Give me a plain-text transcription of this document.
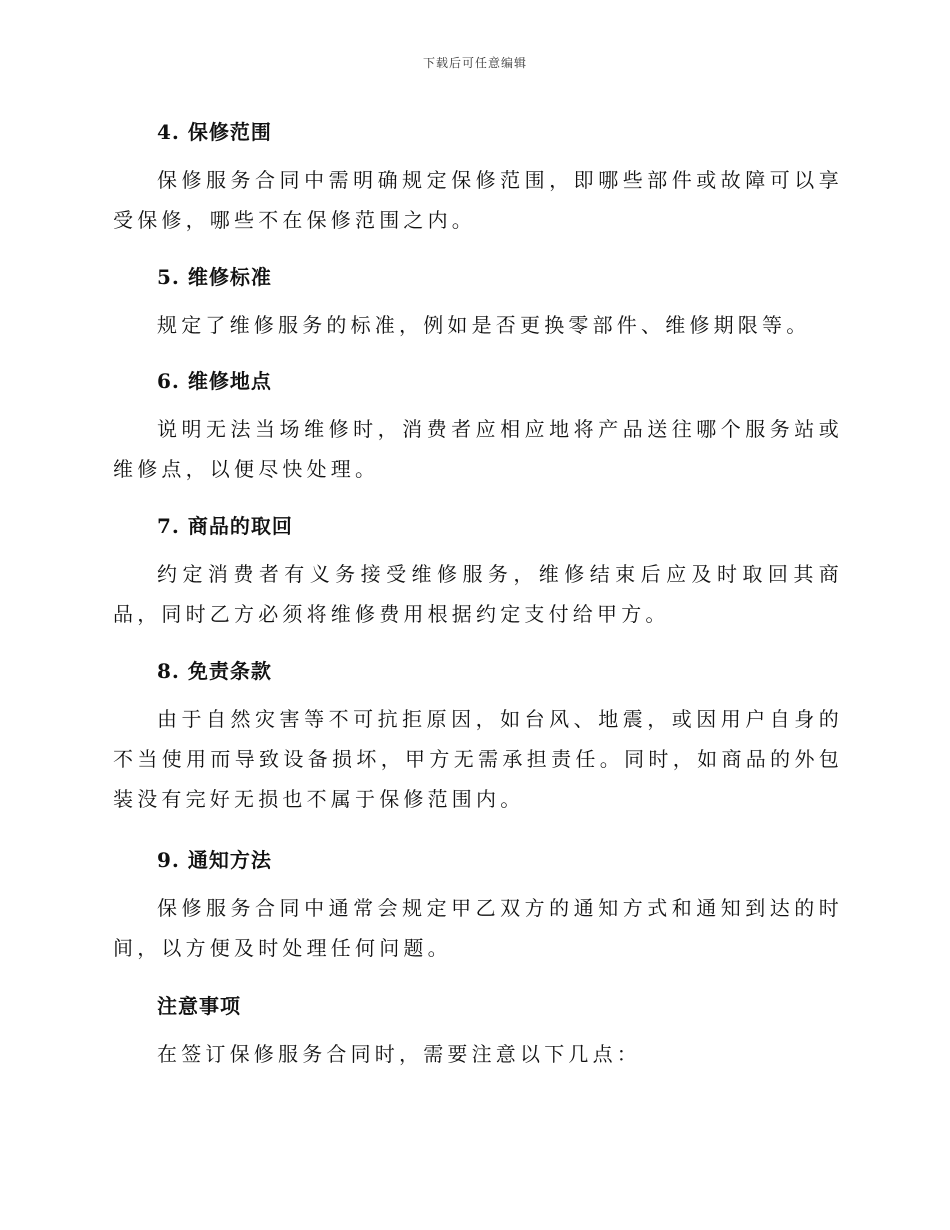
下载后可任意编辑
4. 保修范围
保修服务合同中需明确规定保修范围，即哪些部件或故障可以享受保修，哪些不在保修范围之内。
5. 维修标准
规定了维修服务的标准，例如是否更换零部件、维修期限等。
6. 维修地点
说明无法当场维修时，消费者应相应地将产品送往哪个服务站或维修点，以便尽快处理。
7. 商品的取回
约定消费者有义务接受维修服务，维修结束后应及时取回其商品，同时乙方必须将维修费用根据约定支付给甲方。
8. 免责条款
由于自然灾害等不可抗拒原因，如台风、地震，或因用户自身的不当使用而导致设备损坏，甲方无需承担责任。同时，如商品的外包装没有完好无损也不属于保修范围内。
9. 通知方法
保修服务合同中通常会规定甲乙双方的通知方式和通知到达的时间，以方便及时处理任何问题。
注意事项
在签订保修服务合同时，需要注意以下几点：
